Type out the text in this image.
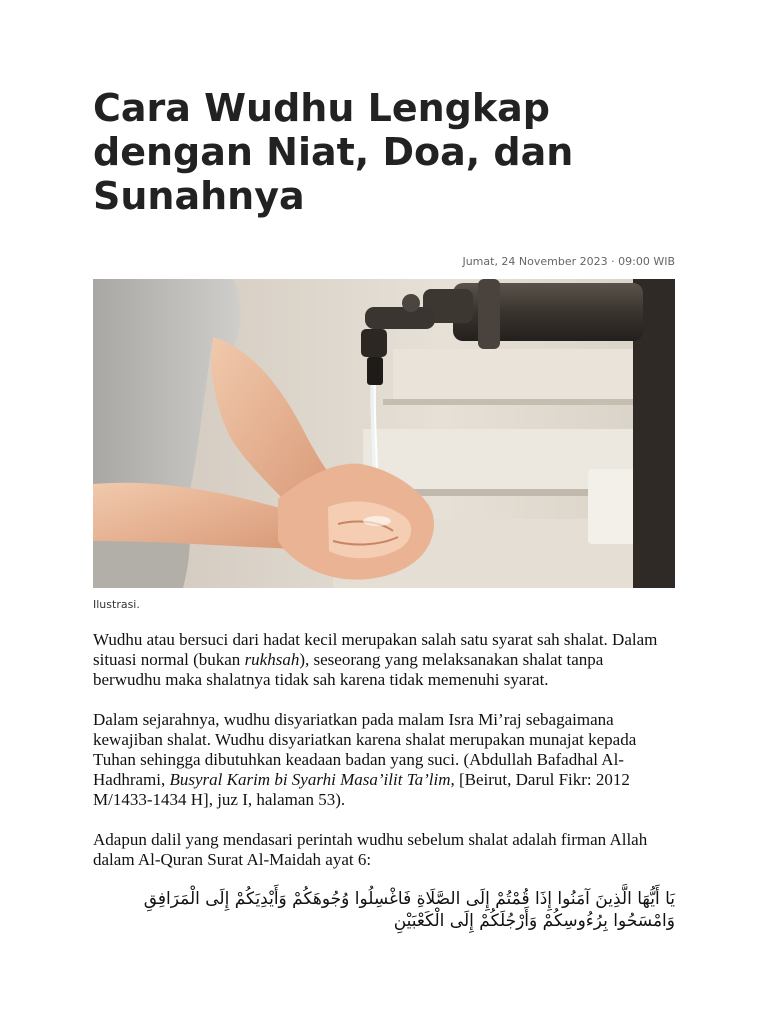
Cara Wudhu Lengkap dengan Niat, Doa, dan Sunahnya
Jumat, 24 November 2023 · 09:00 WIB
Ilustrasi.

Wudhu atau bersuci dari hadat kecil merupakan salah satu syarat sah shalat. Dalam situasi normal (bukan rukhsah), seseorang yang melaksanakan shalat tanpa berwudhu maka shalatnya tidak sah karena tidak memenuhi syarat.

Dalam sejarahnya, wudhu disyariatkan pada malam Isra Mi’raj sebagaimana kewajiban shalat. Wudhu disyariatkan karena shalat merupakan munajat kepada Tuhan sehingga dibutuhkan keadaan badan yang suci. (Abdullah Bafadhal Al-Hadhrami, Busyral Karim bi Syarhi Masa’ilit Ta’lim, [Beirut, Darul Fikr: 2012 M/1433-1434 H], juz I, halaman 53).

Adapun dalil yang mendasari perintah wudhu sebelum shalat adalah firman Allah dalam Al-Quran Surat Al-Maidah ayat 6:

يَا أَيُّهَا الَّذِينَ آمَنُوا إِذَا قُمْتُمْ إِلَى الصَّلَاةِ فَاغْسِلُوا وُجُوهَكُمْ وَأَيْدِيَكُمْ إِلَى الْمَرَافِقِ وَامْسَحُوا بِرُءُوسِكُمْ وَأَرْجُلَكُمْ إِلَى الْكَعْبَيْنِ
